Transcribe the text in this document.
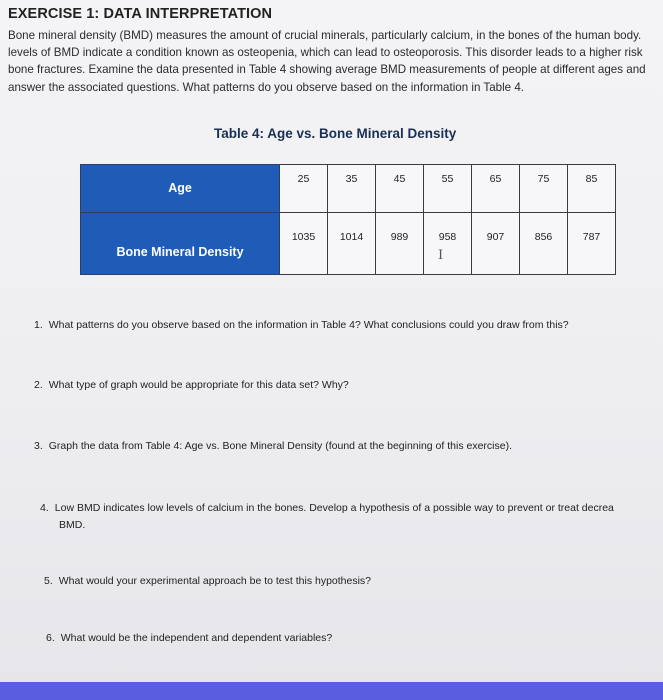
EXERCISE 1: DATA INTERPRETATION
Bone mineral density (BMD) measures the amount of crucial minerals, particularly calcium, in the bones of the human body.
levels of BMD indicate a condition known as osteopenia, which can lead to osteoporosis. This disorder leads to a higher risk
bone fractures. Examine the data presented in Table 4 showing average BMD measurements of people at different ages and
answer the associated questions. What patterns do you observe based on the information in Table 4.
Table 4: Age vs. Bone Mineral Density
Age	25	35	45	55	65	75	85
Bone Mineral Density	1035	1014	989	958	907	856	787
I
1. What patterns do you observe based on the information in Table 4? What conclusions could you draw from this?
2. What type of graph would be appropriate for this data set? Why?
3. Graph the data from Table 4: Age vs. Bone Mineral Density (found at the beginning of this exercise).
4. Low BMD indicates low levels of calcium in the bones. Develop a hypothesis of a possible way to prevent or treat decrea
BMD.
5. What would your experimental approach be to test this hypothesis?
6. What would be the independent and dependent variables?
